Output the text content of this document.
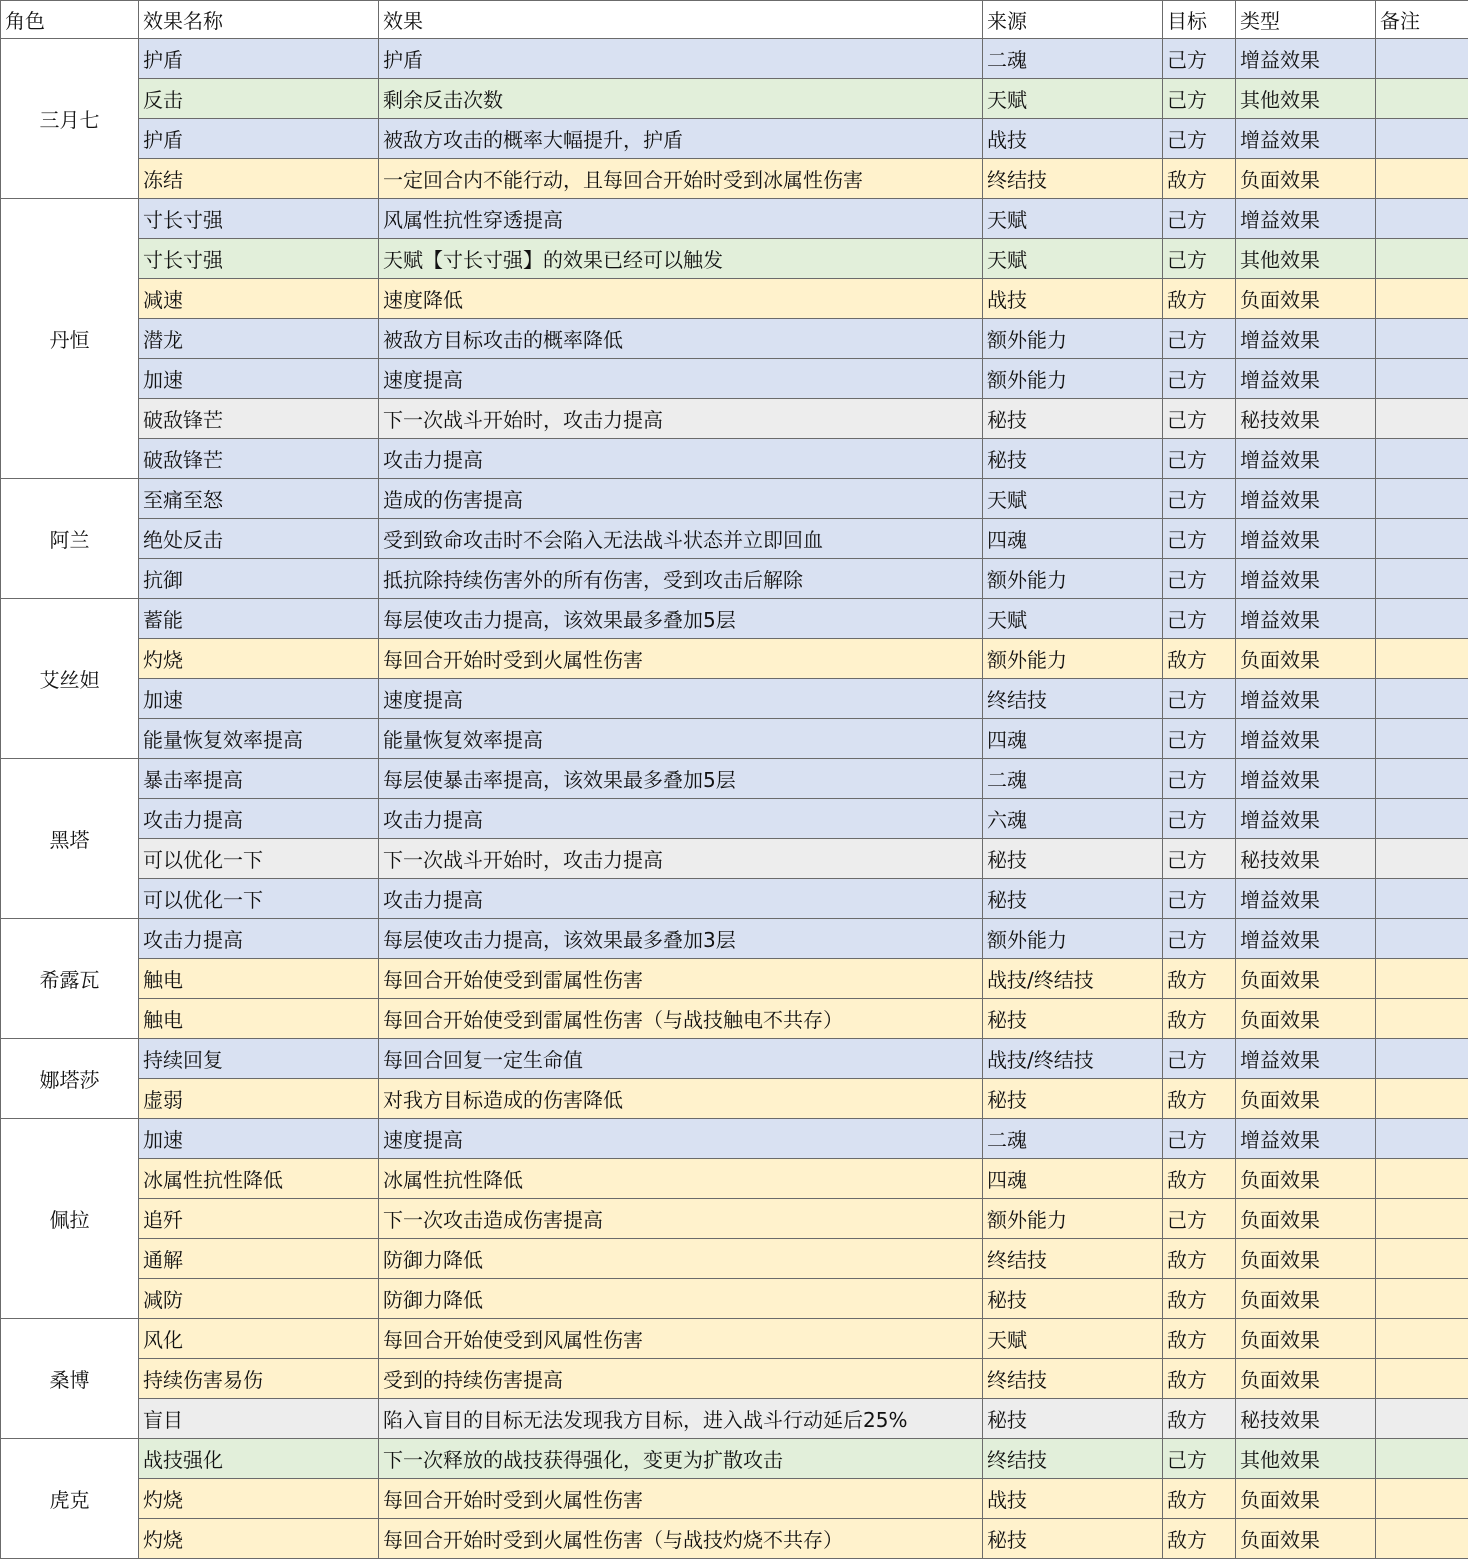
角色	效果名称	效果	来源	目标	类型	备注
三月七	护盾	护盾	二魂	己方	增益效果	
	反击	剩余反击次数	天赋	己方	其他效果	
	护盾	被敌方攻击的概率大幅提升，护盾	战技	己方	增益效果	
	冻结	一定回合内不能行动，且每回合开始时受到冰属性伤害	终结技	敌方	负面效果	
丹恒	寸长寸强	风属性抗性穿透提高	天赋	己方	增益效果	
	寸长寸强	天赋【寸长寸强】的效果已经可以触发	天赋	己方	其他效果	
	减速	速度降低	战技	敌方	负面效果	
	潜龙	被敌方目标攻击的概率降低	额外能力	己方	增益效果	
	加速	速度提高	额外能力	己方	增益效果	
	破敌锋芒	下一次战斗开始时，攻击力提高	秘技	己方	秘技效果	
	破敌锋芒	攻击力提高	秘技	己方	增益效果	
阿兰	至痛至怒	造成的伤害提高	天赋	己方	增益效果	
	绝处反击	受到致命攻击时不会陷入无法战斗状态并立即回血	四魂	己方	增益效果	
	抗御	抵抗除持续伤害外的所有伤害，受到攻击后解除	额外能力	己方	增益效果	
艾丝妲	蓄能	每层使攻击力提高，该效果最多叠加5层	天赋	己方	增益效果	
	灼烧	每回合开始时受到火属性伤害	额外能力	敌方	负面效果	
	加速	速度提高	终结技	己方	增益效果	
	能量恢复效率提高	能量恢复效率提高	四魂	己方	增益效果	
黑塔	暴击率提高	每层使暴击率提高，该效果最多叠加5层	二魂	己方	增益效果	
	攻击力提高	攻击力提高	六魂	己方	增益效果	
	可以优化一下	下一次战斗开始时，攻击力提高	秘技	己方	秘技效果	
	可以优化一下	攻击力提高	秘技	己方	增益效果	
希露瓦	攻击力提高	每层使攻击力提高，该效果最多叠加3层	额外能力	己方	增益效果	
	触电	每回合开始使受到雷属性伤害	战技/终结技	敌方	负面效果	
	触电	每回合开始使受到雷属性伤害（与战技触电不共存）	秘技	敌方	负面效果	
娜塔莎	持续回复	每回合回复一定生命值	战技/终结技	己方	增益效果	
	虚弱	对我方目标造成的伤害降低	秘技	敌方	负面效果	
佩拉	加速	速度提高	二魂	己方	增益效果	
	冰属性抗性降低	冰属性抗性降低	四魂	敌方	负面效果	
	追歼	下一次攻击造成伤害提高	额外能力	己方	负面效果	
	通解	防御力降低	终结技	敌方	负面效果	
	减防	防御力降低	秘技	敌方	负面效果	
桑博	风化	每回合开始使受到风属性伤害	天赋	敌方	负面效果	
	持续伤害易伤	受到的持续伤害提高	终结技	敌方	负面效果	
	盲目	陷入盲目的目标无法发现我方目标，进入战斗行动延后25%	秘技	敌方	秘技效果	
虎克	战技强化	下一次释放的战技获得强化，变更为扩散攻击	终结技	己方	其他效果	
	灼烧	每回合开始时受到火属性伤害	战技	敌方	负面效果	
	灼烧	每回合开始时受到火属性伤害（与战技灼烧不共存）	秘技	敌方	负面效果	
